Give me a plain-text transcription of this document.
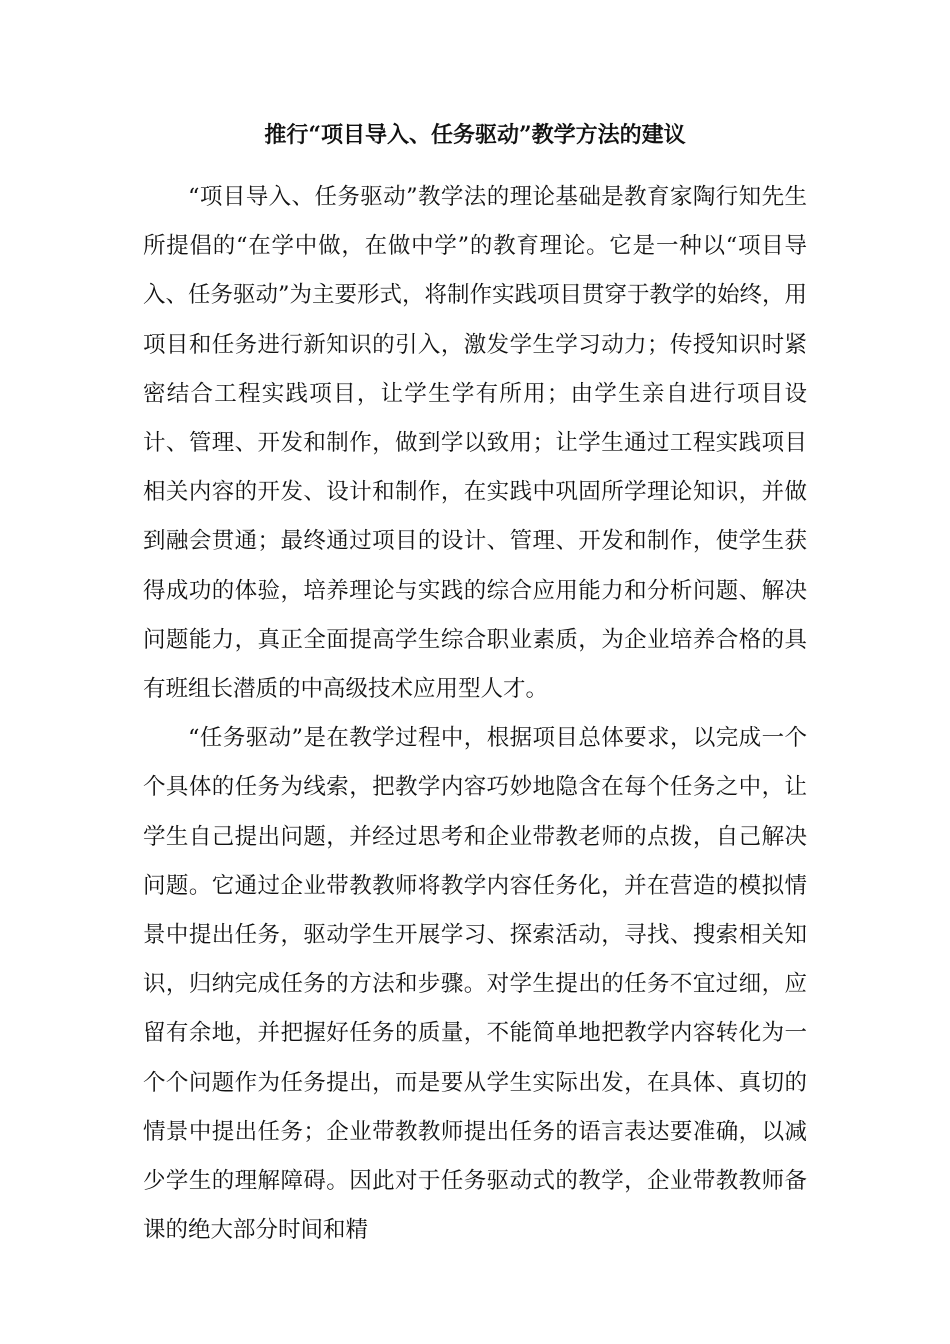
推行“项目导入、任务驱动”教学方法的建议

“项目导入、任务驱动”教学法的理论基础是教育家陶行知先生所提倡的“在学中做，在做中学”的教育理论。它是一种以“项目导入、任务驱动”为主要形式，将制作实践项目贯穿于教学的始终，用项目和任务进行新知识的引入，激发学生学习动力；传授知识时紧密结合工程实践项目，让学生学有所用；由学生亲自进行项目设计、管理、开发和制作，做到学以致用；让学生通过工程实践项目相关内容的开发、设计和制作，在实践中巩固所学理论知识，并做到融会贯通；最终通过项目的设计、管理、开发和制作，使学生获得成功的体验，培养理论与实践的综合应用能力和分析问题、解决问题能力，真正全面提高学生综合职业素质，为企业培养合格的具有班组长潜质的中高级技术应用型人才。

“任务驱动”是在教学过程中，根据项目总体要求，以完成一个个具体的任务为线索，把教学内容巧妙地隐含在每个任务之中，让学生自己提出问题，并经过思考和企业带教老师的点拨，自己解决问题。它通过企业带教教师将教学内容任务化，并在营造的模拟情景中提出任务，驱动学生开展学习、探索活动，寻找、搜索相关知识，归纳完成任务的方法和步骤。对学生提出的任务不宜过细，应留有余地，并把握好任务的质量，不能简单地把教学内容转化为一个个问题作为任务提出，而是要从学生实际出发，在具体、真切的情景中提出任务；企业带教教师提出任务的语言表达要准确，以减少学生的理解障碍。因此对于任务驱动式的教学，企业带教教师备课的绝大部分时间和精
